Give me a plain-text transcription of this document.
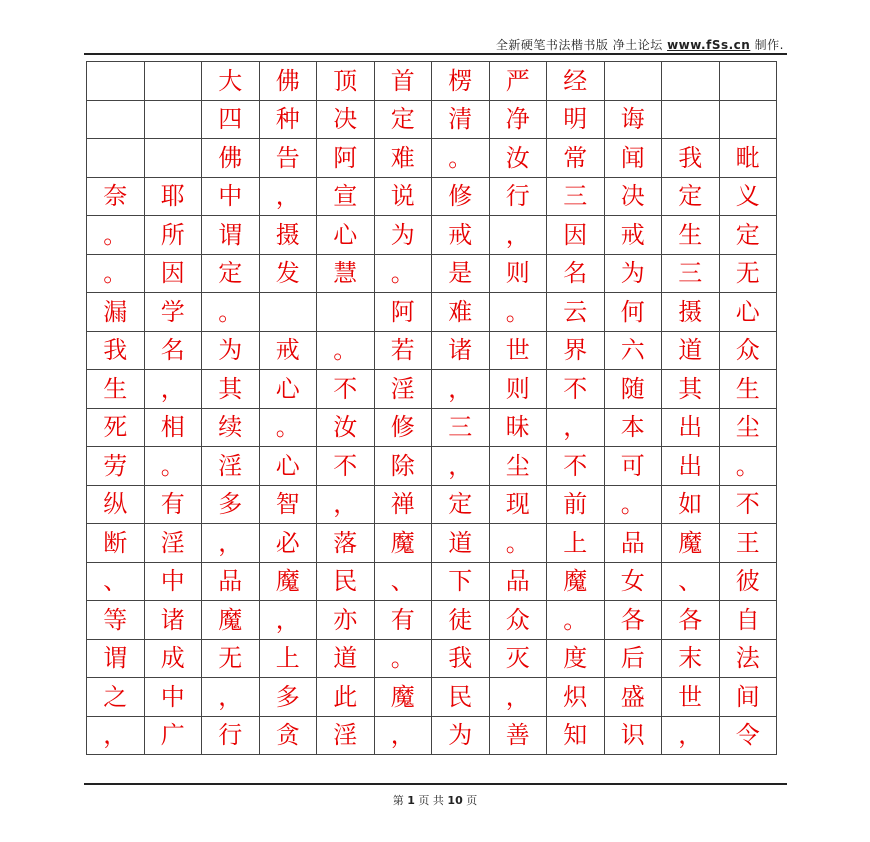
全新硬笔书法楷书版 净土论坛 www.fSs.cn 制作.
		大	佛	顶	首	楞	严	经			
		四	种	决	定	清	净	明	诲		
		佛	告	阿	难	。	汝	常	闻	我	毗
奈	耶	中	，	宣	说	修	行	三	决	定	义
。	所	谓	摄	心	为	戒	，	因	戒	生	定
。	因	定	发	慧	。	是	则	名	为	三	无
漏	学	。			阿	难	。	云	何	摄	心
我	名	为	戒	。	若	诸	世	界	六	道	众
生	，	其	心	不	淫	，	则	不	随	其	生
死	相	续	。	汝	修	三	昧	，	本	出	尘
劳	。	淫	心	不	除	，	尘	不	可	出	。
纵	有	多	智	，	禅	定	现	前	。	如	不
断	淫	，	必	落	魔	道	。	上	品	魔	王
、	中	品	魔	民	、	下	品	魔	女	、	彼
等	诸	魔	，	亦	有	徒	众	。	各	各	自
谓	成	无	上	道	。	我	灭	度	后	末	法
之	中	，	多	此	魔	民	，	炽	盛	世	间
，	广	行	贪	淫	，	为	善	知	识	，	令
第 1 页 共 10 页
